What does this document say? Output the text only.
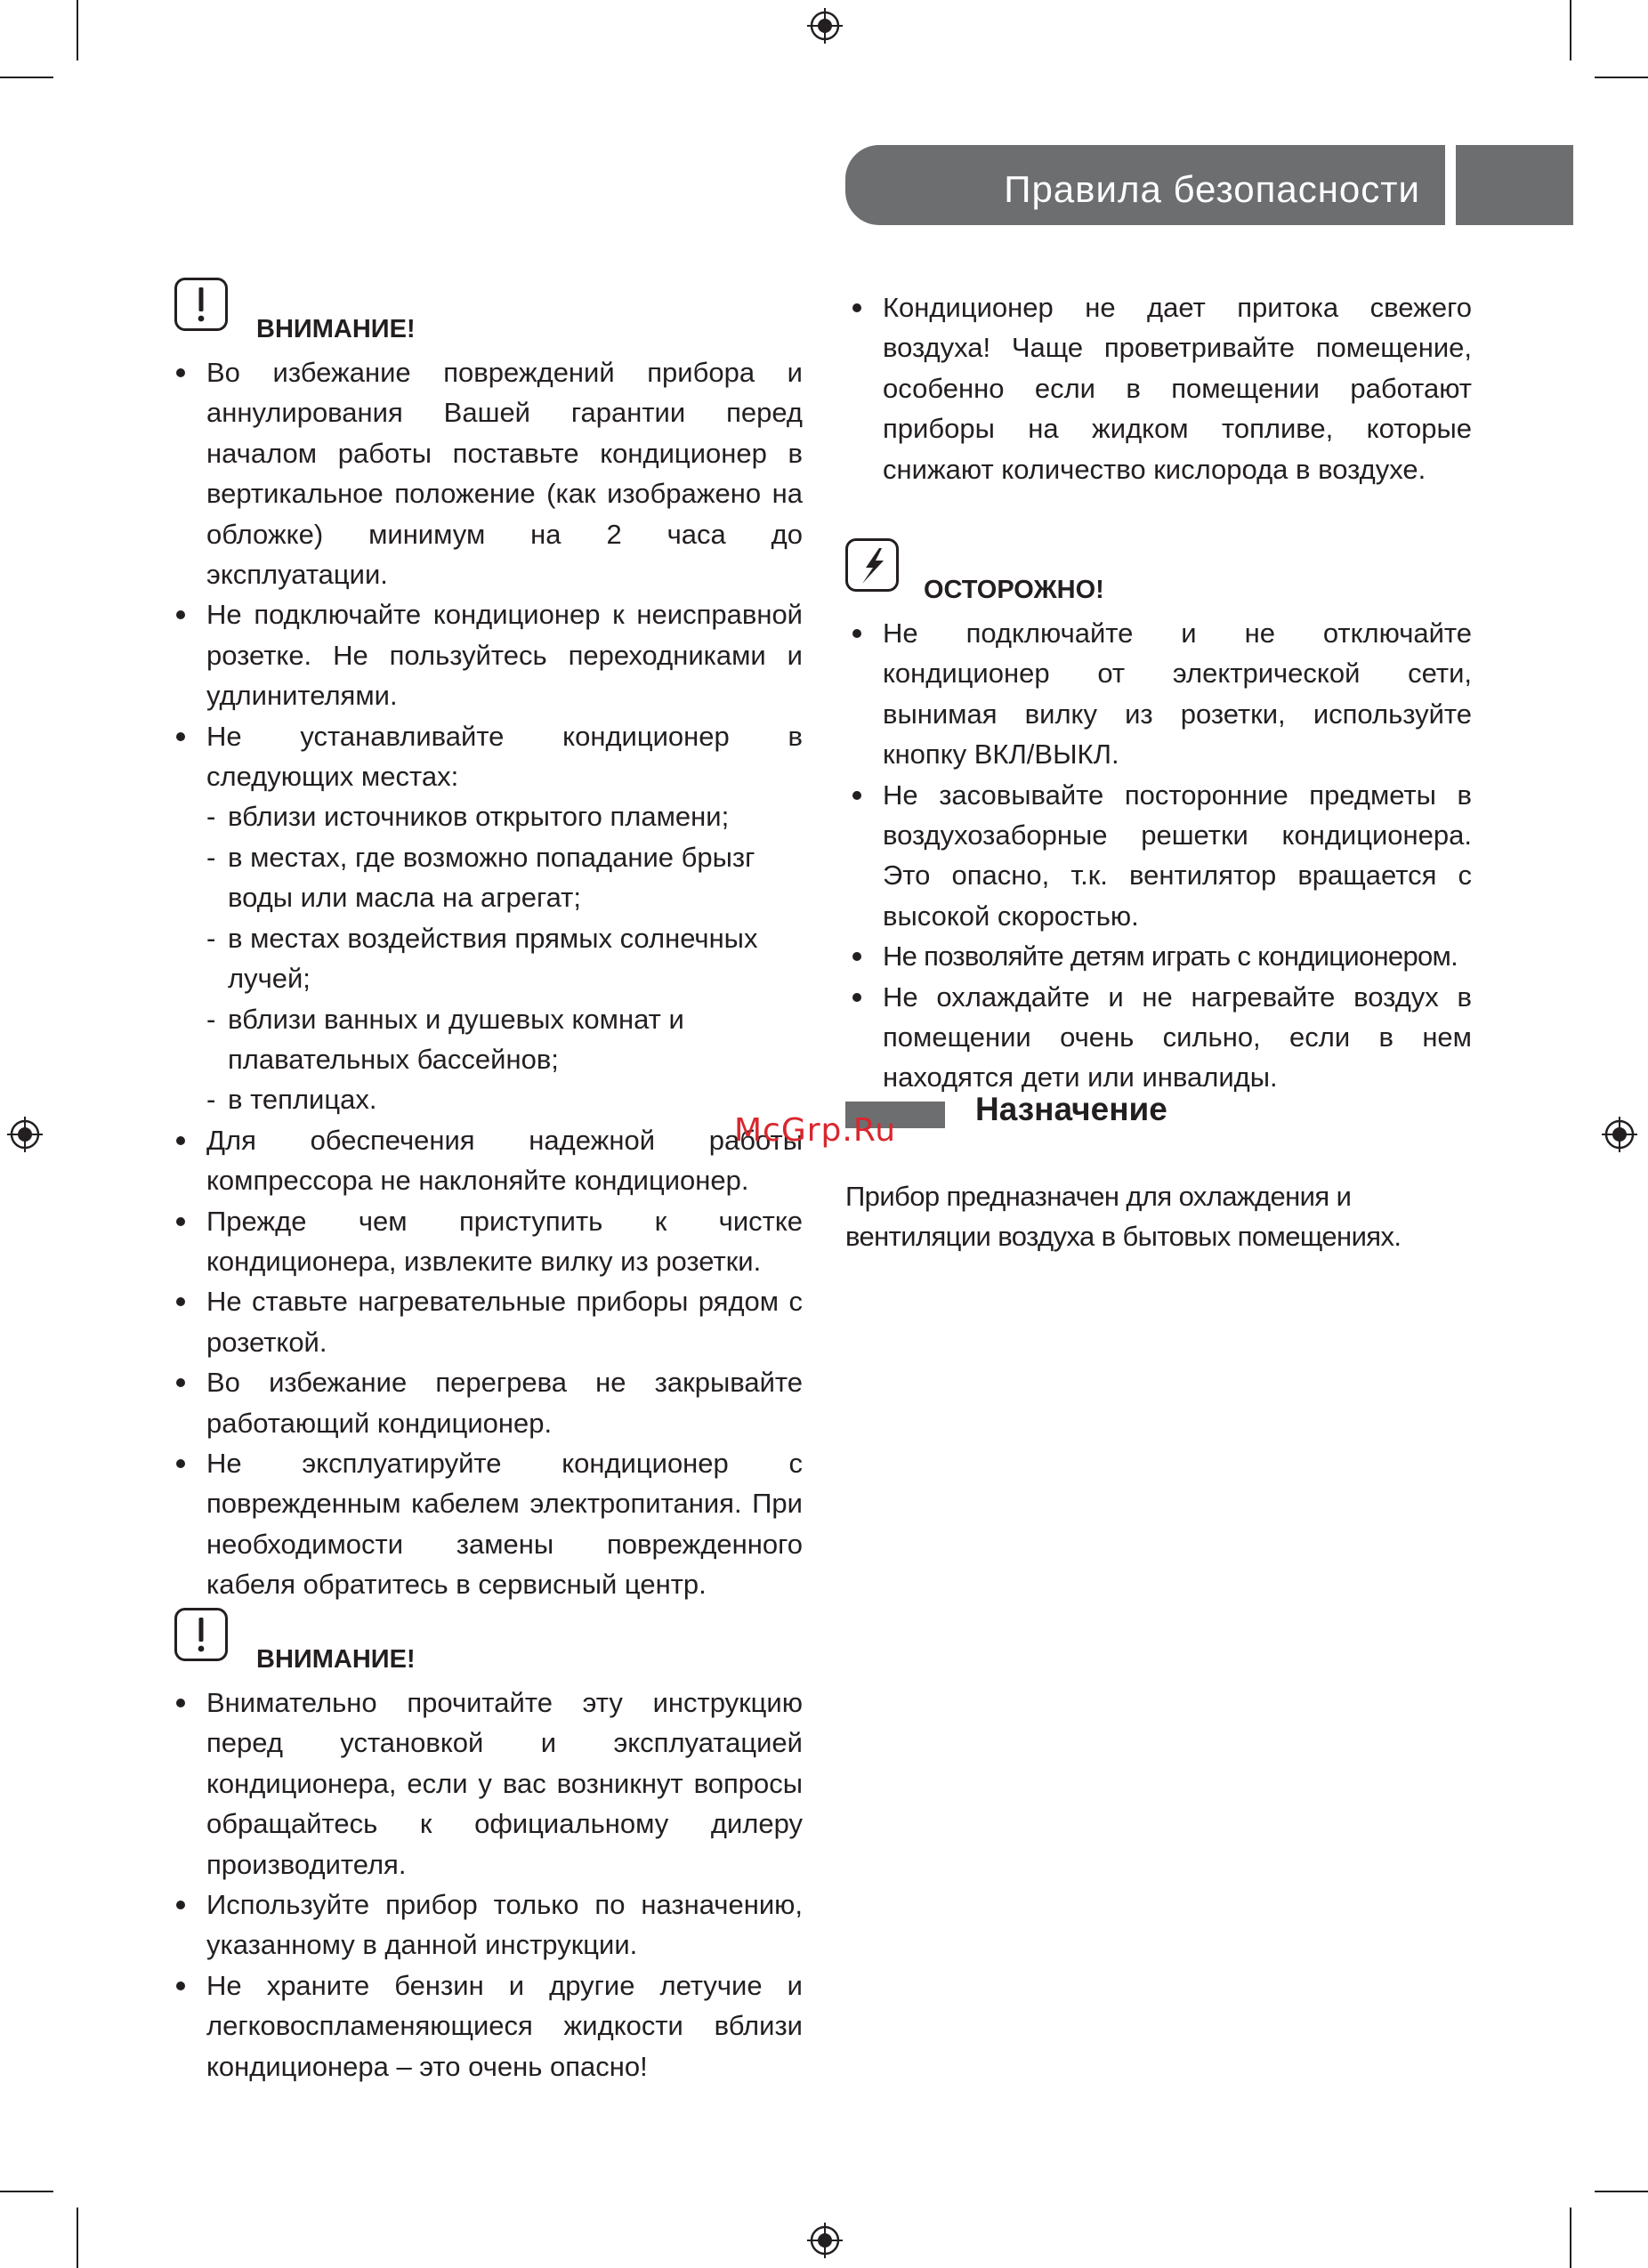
Правила безопасности
ВНИМАНИЕ!
Во избежание повреждений прибора и аннулирования Вашей гарантии перед началом работы поставьте кондиционер в вертикальное положение (как изображено на обложке) минимум на 2 часа до эксплуатации.
Не подключайте кондиционер к неисправной розетке. Не пользуйтесь переходниками и удлинителями.
Не устанавливайте кондиционер в следующих местах:
- вблизи источников открытого пламени;
- в местах, где возможно попадание брызг воды или масла на агрегат;
- в местах воздействия прямых солнечных лучей;
- вблизи ванных и душевых комнат и плавательных бассейнов;
- в теплицах.
Для обеспечения надежной работы компрессора не наклоняйте кондиционер.
Прежде чем приступить к чистке кондиционера, извлеките вилку из розетки.
Не ставьте нагревательные приборы рядом с розеткой.
Во избежание перегрева не закрывайте работающий кондиционер.
Не эксплуатируйте кондиционер с поврежденным кабелем электропитания. При необходимости замены поврежденного кабеля обратитесь в сервисный центр.
ВНИМАНИЕ!
Внимательно прочитайте эту инструкцию перед установкой и эксплуатацией кондиционера, если у вас возникнут вопросы обращайтесь к официальному дилеру производителя.
Используйте прибор только по назначению, указанному в данной инструкции.
Не храните бензин и другие летучие и легковоспламеняющиеся жидкости вблизи кондиционера – это очень опасно!
Кондиционер не дает притока свежего воздуха! Чаще проветривайте помещение, особенно если в помещении работают приборы на жидком топливе, которые снижают количество кислорода в воздухе.
ОСТОРОЖНО!
Не подключайте и не отключайте кондиционер от электрической сети, вынимая вилку из розетки, используйте кнопку ВКЛ/ВЫКЛ.
Не засовывайте посторонние предметы в воздухозаборные решетки кондиционера. Это опасно, т.к. вентилятор вращается с высокой скоростью.
Не позволяйте детям играть с кондиционером.
Не охлаждайте и не нагревайте воздух в помещении очень сильно, если в нем находятся дети или инвалиды.
McGrp.Ru
Назначение
Прибор предназначен для охлаждения и вентиляции воздуха в бытовых помещениях.
